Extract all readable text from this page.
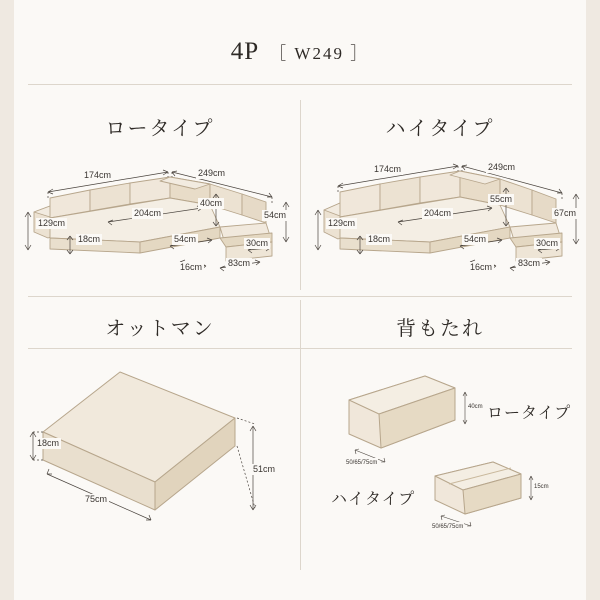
4P ［ W249 ］
ロータイプ	ハイタイプ
174cm	249cm
129cm
18cm
204cm
40cm
54cm
54cm	30cm
16cm	83cm
174cm	249cm
129cm
18cm
204cm
55cm
67cm
54cm	30cm
16cm	83cm
オットマン	背もたれ
18cm
75cm
51cm
ロータイプ
ハイタイプ
50/65/75cm
40cm
50/65/75cm
15cm
